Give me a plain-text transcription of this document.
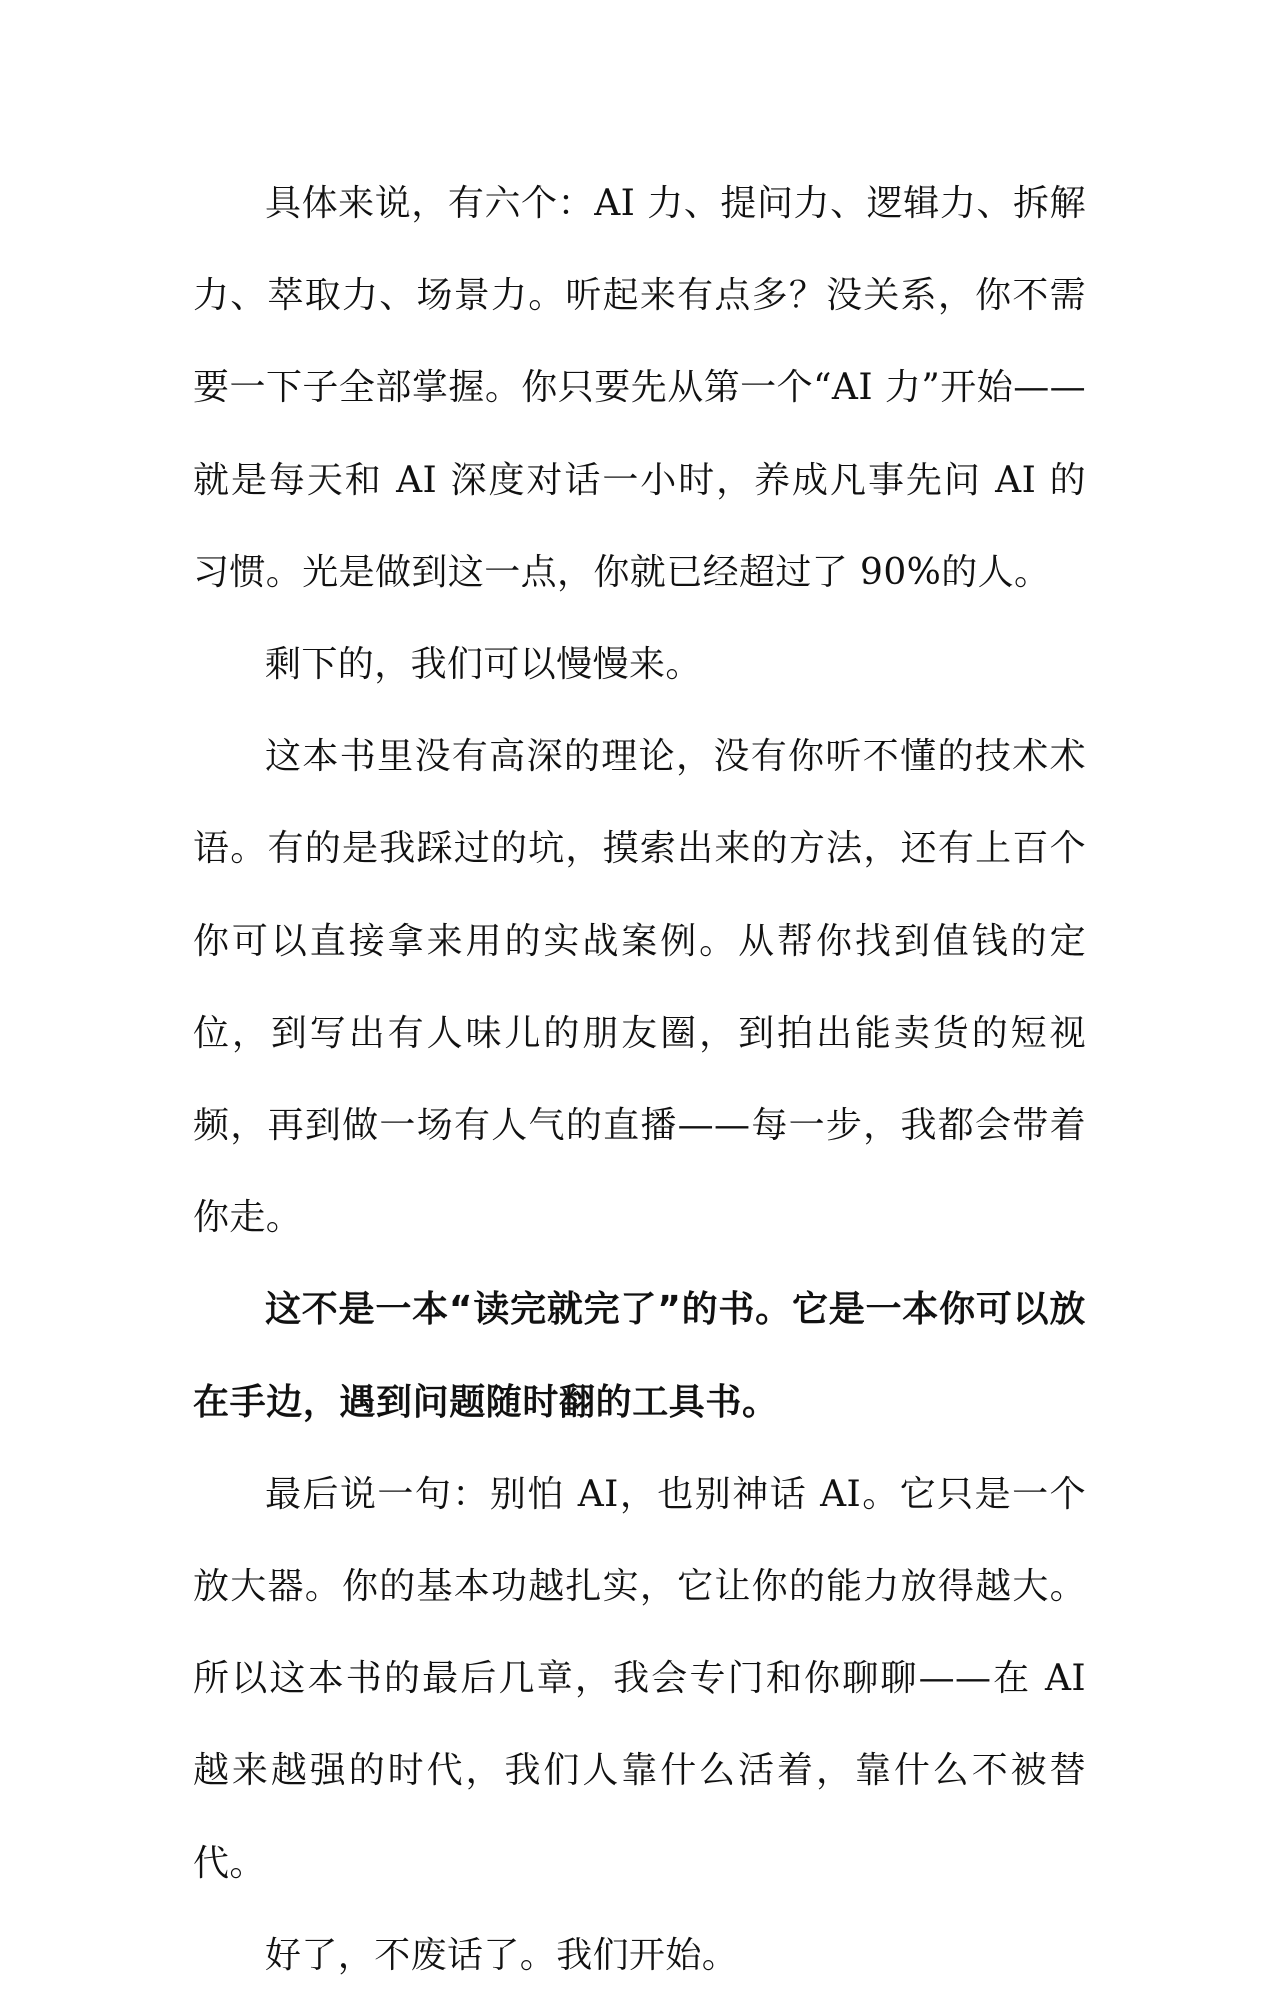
具体来说，有六个：AI 力、提问力、逻辑力、拆解力、萃取力、场景力。听起来有点多？没关系，你不需要一下子全部掌握。你只要先从第一个“AI 力”开始——就是每天和 AI 深度对话一小时，养成凡事先问 AI 的习惯。光是做到这一点，你就已经超过了 90%的人。

剩下的，我们可以慢慢来。

这本书里没有高深的理论，没有你听不懂的技术术语。有的是我踩过的坑，摸索出来的方法，还有上百个你可以直接拿来用的实战案例。从帮你找到值钱的定位，到写出有人味儿的朋友圈，到拍出能卖货的短视频，再到做一场有人气的直播——每一步，我都会带着你走。

这不是一本“读完就完了”的书。它是一本你可以放在手边，遇到问题随时翻的工具书。

最后说一句：别怕 AI，也别神话 AI。它只是一个放大器。你的基本功越扎实，它让你的能力放得越大。所以这本书的最后几章，我会专门和你聊聊——在 AI 越来越强的时代，我们人靠什么活着，靠什么不被替代。

好了，不废话了。我们开始。
